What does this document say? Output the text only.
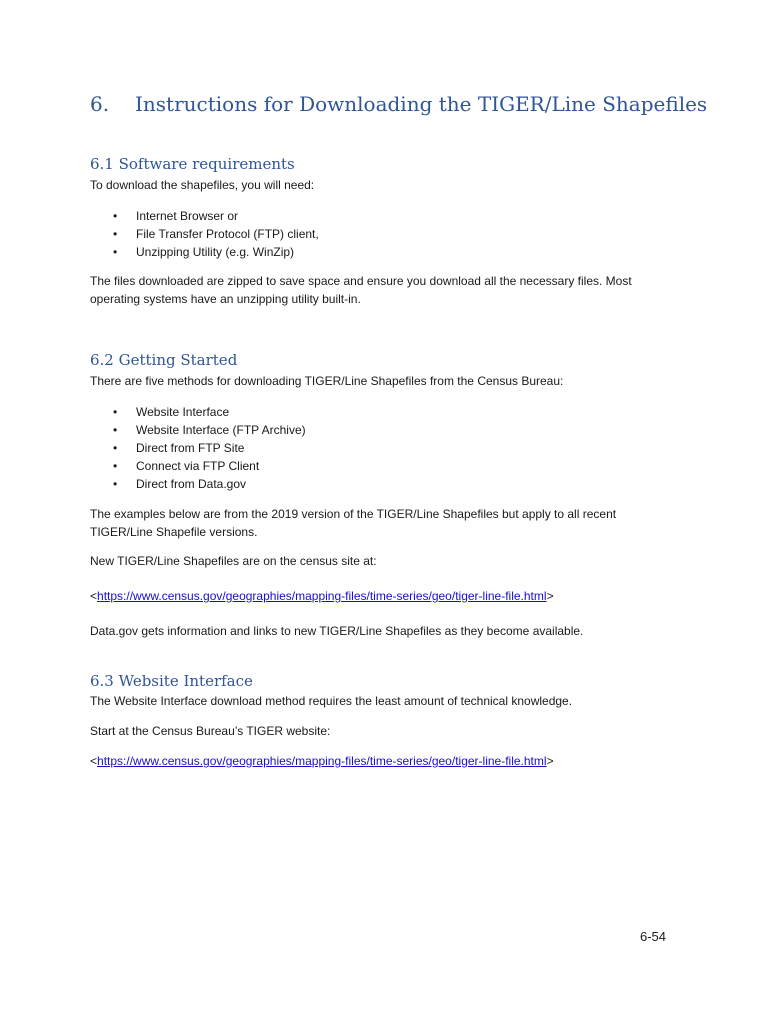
6. Instructions for Downloading the TIGER/Line Shapefiles
6.1 Software requirements

To download the shapefiles, you will need:

• Internet Browser or
• File Transfer Protocol (FTP) client,
• Unzipping Utility (e.g. WinZip)

The files downloaded are zipped to save space and ensure you download all the necessary files. Most operating systems have an unzipping utility built-in.

6.2 Getting Started

There are five methods for downloading TIGER/Line Shapefiles from the Census Bureau:

• Website Interface
• Website Interface (FTP Archive)
• Direct from FTP Site
• Connect via FTP Client
• Direct from Data.gov

The examples below are from the 2019 version of the TIGER/Line Shapefiles but apply to all recent TIGER/Line Shapefile versions.

New TIGER/Line Shapefiles are on the census site at:

<https://www.census.gov/geographies/mapping-files/time-series/geo/tiger-line-file.html>

Data.gov gets information and links to new TIGER/Line Shapefiles as they become available.

6.3 Website Interface

The Website Interface download method requires the least amount of technical knowledge.

Start at the Census Bureau’s TIGER website:

<https://www.census.gov/geographies/mapping-files/time-series/geo/tiger-line-file.html>

6-54
